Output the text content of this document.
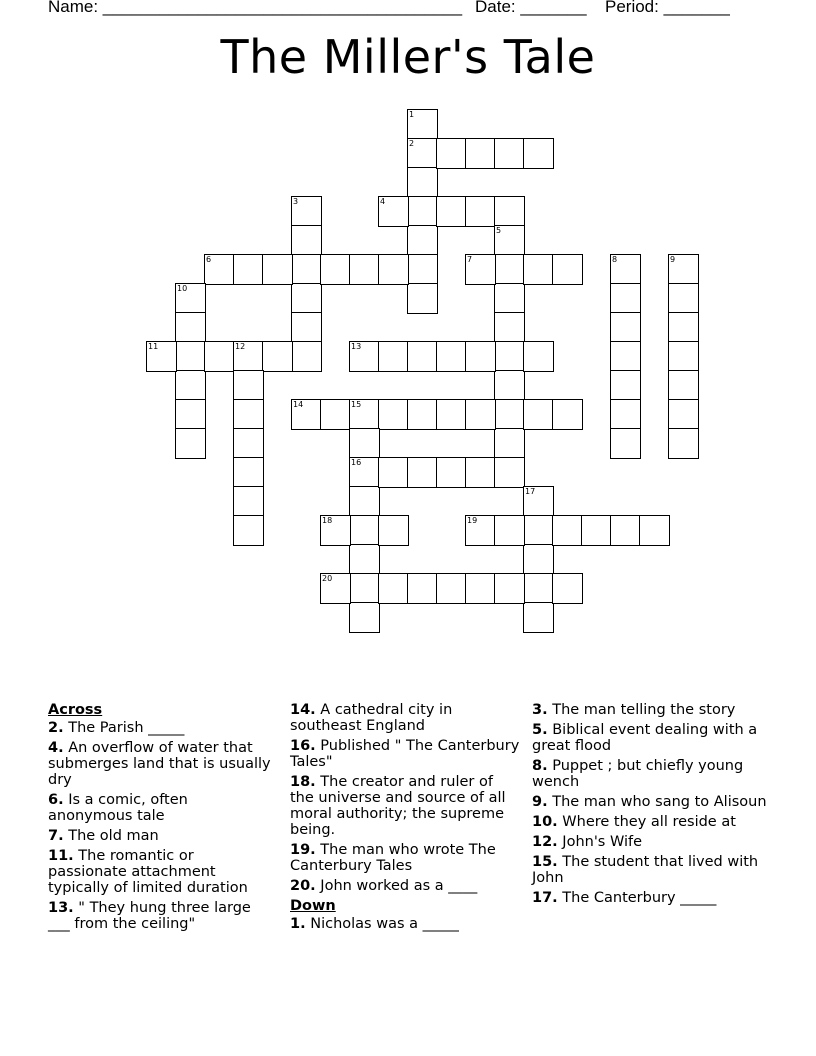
Name: ______________________________________ Date: _______ Period: _______
The Miller's Tale
1
2
3	4
5
6	7	8	9
10
11	12	13
14	15
16
17
18	19
20
Across
2. The Parish _____
4. An overflow of water that submerges land that is usually dry
6. Is a comic, often anonymous tale
7. The old man
11. The romantic or passionate attachment typically of limited duration
13. " They hung three large ___ from the ceiling"
14. A cathedral city in southeast England
16. Published " The Canterbury Tales"
18. The creator and ruler of the universe and source of all moral authority; the supreme being.
19. The man who wrote The Canterbury Tales
20. John worked as a ____
Down
1. Nicholas was a _____
3. The man telling the story
5. Biblical event dealing with a great flood
8. Puppet ; but chiefly young wench
9. The man who sang to Alisoun
10. Where they all reside at
12. John's Wife
15. The student that lived with John
17. The Canterbury _____
